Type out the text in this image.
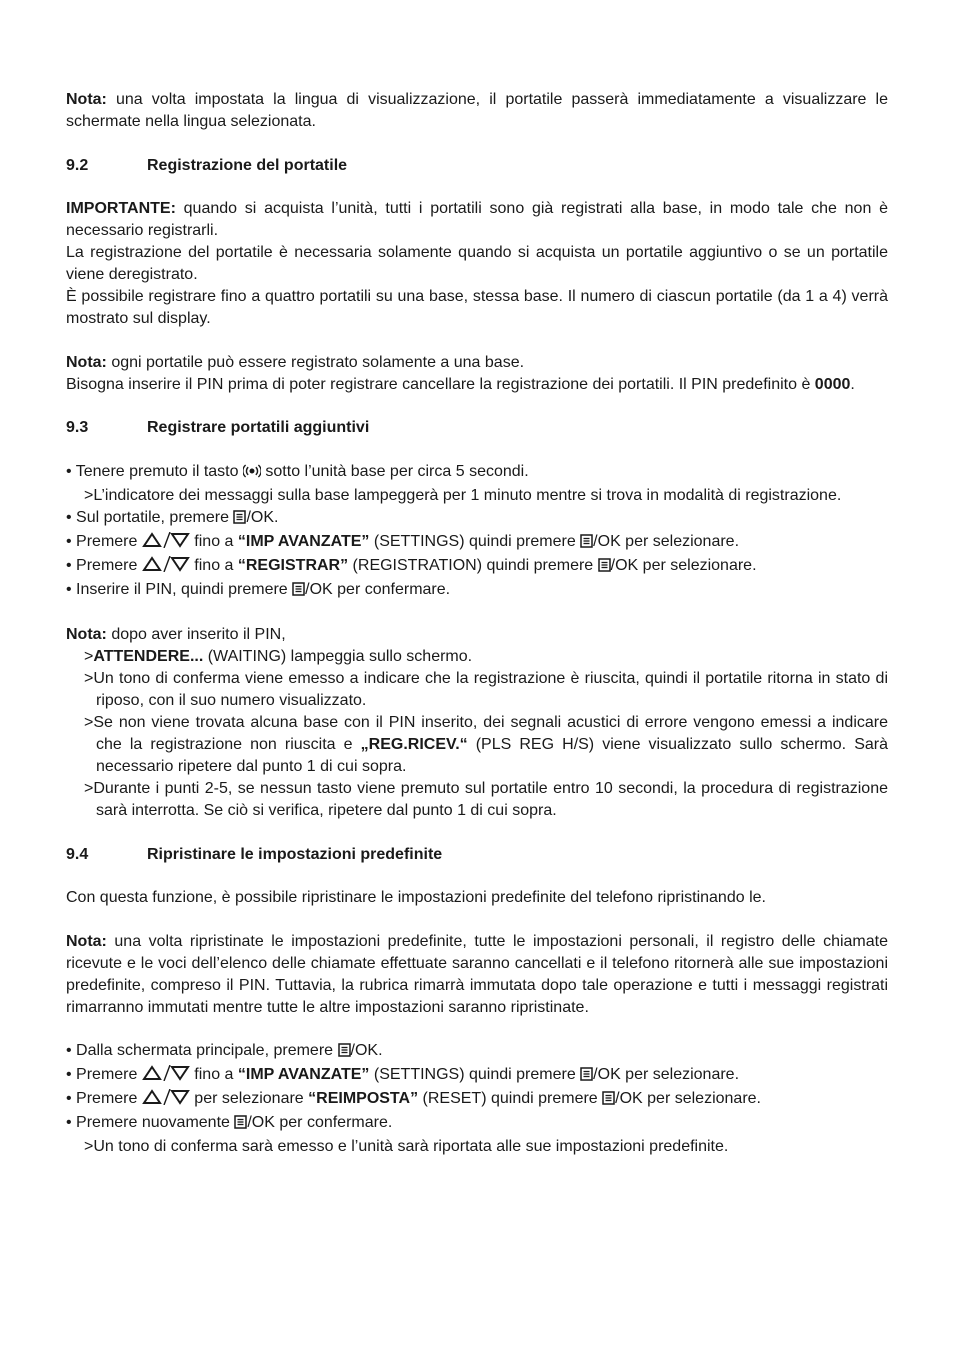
Nota: una volta impostata la lingua di visualizzazione, il portatile passerà immediatamente a visualizzare le schermate nella lingua selezionata.

9.2	Registrazione del portatile

IMPORTANTE: quando si acquista l’unità, tutti i portatili sono già registrati alla base, in modo tale che non è necessario registrarli.

La registrazione del portatile è necessaria solamente quando si acquista un portatile aggiuntivo o se un portatile viene deregistrato.

È possibile registrare fino a quattro portatili su una base, stessa base. Il numero di ciascun portatile (da 1 a 4) verrà mostrato sul display.

Nota: ogni portatile può essere registrato solamente a una base.

Bisogna inserire il PIN prima di poter registrare cancellare la registrazione dei portatili. Il PIN predefinito è 0000.

9.3	Registrare portatili aggiuntivi

• Tenere premuto il tasto  sotto l’unità base per circa 5 secondi.

>L’indicatore dei messaggi sulla base lampeggerà per 1 minuto mentre si trova in modalità di registrazione.

• Sul portatile, premere /OK.

• Premere	fino a “IMP AVANZATE” (SETTINGS) quindi premere /OK per selezionare.

• Premere	fino a “REGISTRAR” (REGISTRATION) quindi premere /OK per selezionare.

• Inserire il PIN, quindi premere /OK per confermare.

Nota: dopo aver inserito il PIN,

>ATTENDERE... (WAITING) lampeggia sullo schermo.

>Un tono di conferma viene emesso a indicare che la registrazione è riuscita, quindi il portatile ritorna in stato di riposo, con il suo numero visualizzato.

>Se non viene trovata alcuna base con il PIN inserito, dei segnali acustici di errore vengono emessi a indicare che la registrazione non riuscita e „REG.RICEV.“ (PLS REG H/S) viene visualizzato sullo schermo. Sarà necessario ripetere dal punto 1 di cui sopra.

>Durante i punti 2-5, se nessun tasto viene premuto sul portatile entro 10 secondi, la procedura di registrazione sarà interrotta. Se ciò si verifica, ripetere dal punto 1 di cui sopra.

9.4	Ripristinare le impostazioni predefinite

Con questa funzione, è possibile ripristinare le impostazioni predefinite del telefono ripristinando le.

Nota: una volta ripristinate le impostazioni predefinite, tutte le impostazioni personali, il registro delle chiamate ricevute e le voci dell’elenco delle chiamate effettuate saranno cancellati e il telefono ritornerà alle sue impostazioni predefinite, compreso il PIN. Tuttavia, la rubrica rimarrà immutata dopo tale operazione e tutti i messaggi registrati rimarranno immutati mentre tutte le altre impostazioni saranno ripristinate.

• Dalla schermata principale, premere /OK.

• Premere	fino a “IMP AVANZATE” (SETTINGS) quindi premere /OK per selezionare.

• Premere	per selezionare “REIMPOSTA” (RESET) quindi premere /OK per selezionare.

• Premere nuovamente /OK per confermare.

>Un tono di conferma sarà emesso e l’unità sarà riportata alle sue impostazioni predefinite.
